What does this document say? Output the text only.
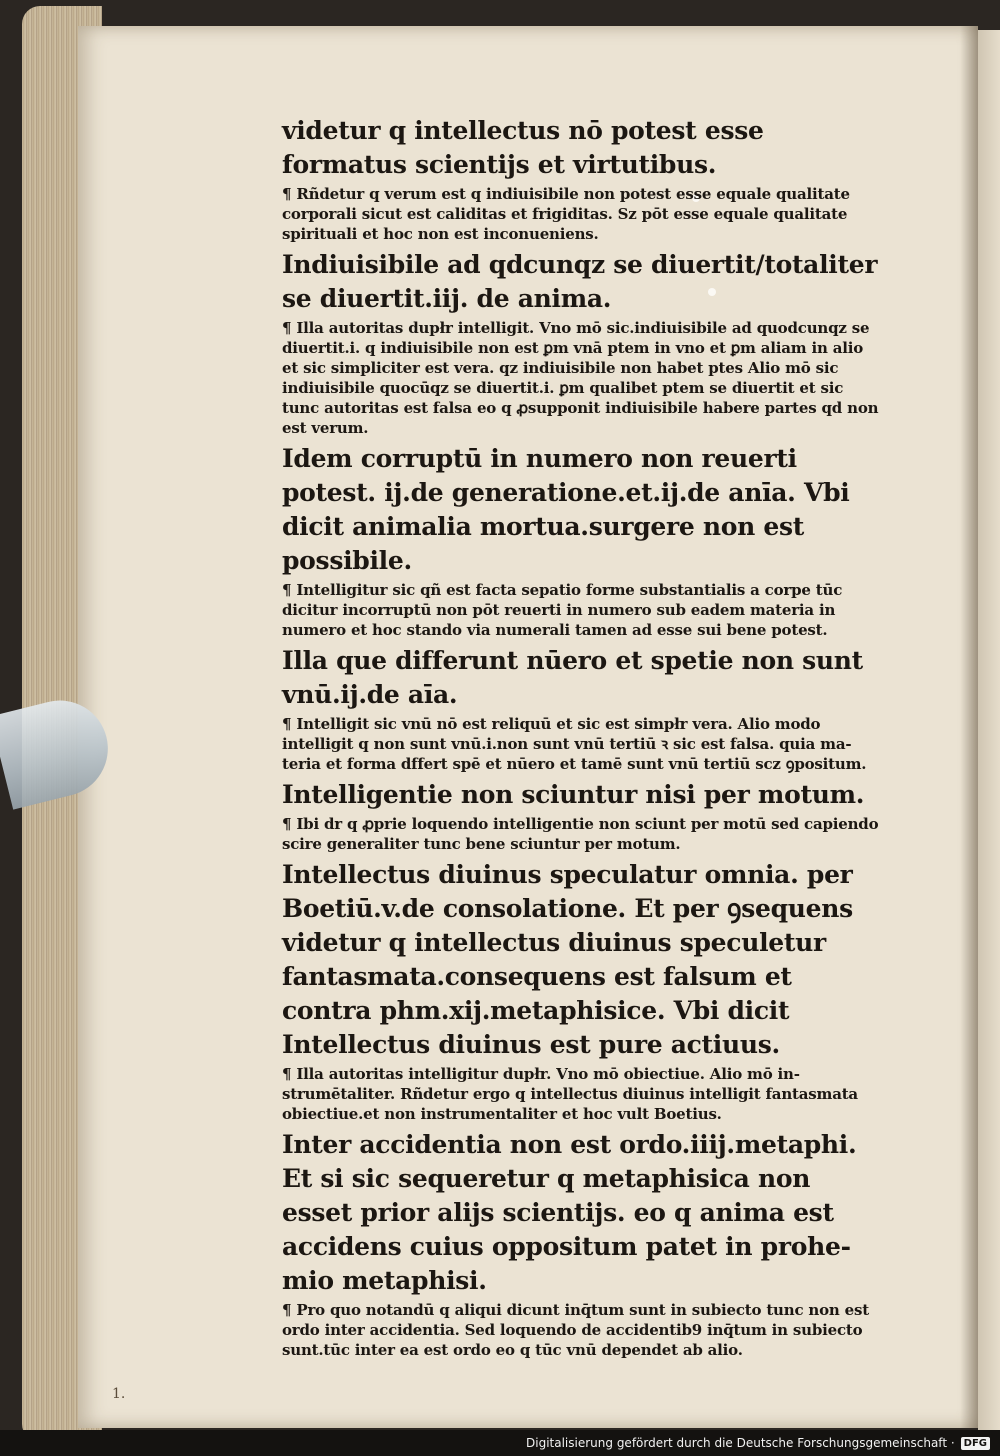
videtur q intellectus nō potest esse formatus scientijs et virtutibus.

¶ Rñdetur q verum est q indiuisibile non potest esse equale qualitate corporali sicut est caliditas et frigiditas. Sz pōt esse equale qualitate spirituali et hoc non est inconueniens.

Indiuisibile ad qdcunqz se diuertit/totaliter se diuertit.iij. de anima.

¶ Illa autoritas dupłr intelligit. Vno mō sic.indiuisibile ad quodcunqz se diuertit.i. q indiuisibile non est ꝑm vnā ptem in vno et ꝑm aliam in alio et sic simpliciter est vera. qz indiuisibile non habet ptes Alio mō sic indiuisibile quocūqz se diuertit.i. ꝑm qualibet ptem se diuertit et sic tunc autoritas est falsa eo q ꝓsupponit indiuisibile habere partes qd non est verum.

Idem corruptū in numero non reuerti potest. ij.de generatione.et.ij.de anīa. Vbi dicit animalia mortua.surgere non est possibile.

¶ Intelligitur sic qñ est facta sepatio forme substantialis a corpe tūc dicitur incorruptū non pōt reuerti in numero sub eadem materia in numero et hoc stando via numerali tamen ad esse sui bene potest.

Illa que differunt nūero et spetie non sunt vnū.ij.de aīa.

¶ Intelligit sic vnū nō est reliquū et sic est simpłr vera. Alio modo intelligit q non sunt vnū.i.non sunt vnū tertiū ꝛ sic est falsa. quia materia et forma dffert spē et nūero et tamē sunt vnū tertiū scz ꝯpositum.

Intelligentie non sciuntur nisi per motum.

¶ Ibi dr q ꝓprie loquendo intelligentie non sciunt per motū sed capiendo scire generaliter tunc bene sciuntur per motum.

Intellectus diuinus speculatur omnia. per Boetiū.v.de consolatione. Et per ꝯsequens videtur q intellectus diuinus speculetur fantasmata.consequens est falsum et contra phm.xij.metaphisice. Vbi dicit Intellectus diuinus est pure actiuus.

¶ Illa autoritas intelligitur dupłr. Vno mō obiectiue. Alio mō instrumētaliter. Rñdetur ergo q intellectus diuinus intelligit fantasmata obiectiue.et non instrumentaliter et hoc vult Boetius.

Inter accidentia non est ordo.iiij.metaphi. Et si sic sequeretur q metaphisica non esset prior alijs scientijs. eo q anima est accidens cuius oppositum patet in prohemio metaphisi.

¶ Pro quo notandū q aliqui dicunt inq̄tum sunt in subiecto tunc non est ordo inter accidentia. Sed loquendo de accidentib9 inq̄tum in subiecto sunt.tūc inter ea est ordo eo q tūc vnū dependet ab alio.

1.
Digitalisierung gefördert durch die Deutsche Forschungsgemeinschaft · DFG
